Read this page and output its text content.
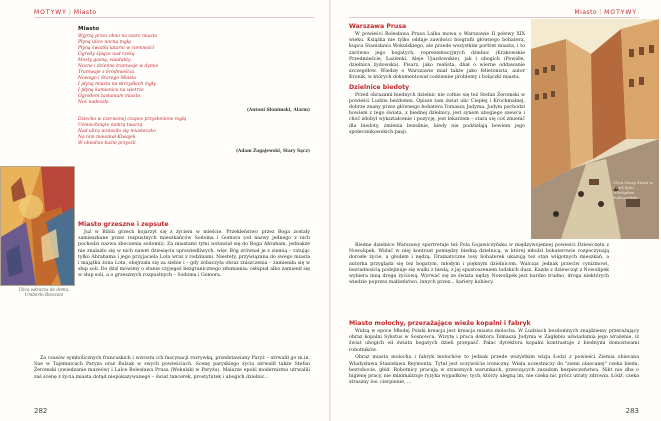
MOTYWY | Miasto
Miasto
Wyjrzę przez okno na szare miasto
Płyną ulice nocną mgłą
Płyną światła latarni w ciemności
Ogrody śpiące nad rzeką
Mosty gasną, wiadukty
Nocne i dzienne tramwaje w dymie
Tramwaje z Śródmieścia,
Nowego i Starego Miasta
I płyną miasta na skrzydłach mgły
I płyną kamienice na wietrze
Ogrodem zasłaniam miasto.
Noc nadeszła
(Antoni Słonimski, Alarm)
Dziecko w czerwonej czapce przysłonione mgłą
Uśmiechnięte mokrą twarzą
Nad ulicą wznosiło się miasteczko
Na nim mieszkał Kiwajek
W obiedzie baśni przyszli
(Adam Zagajewski, Stary Sącz)
Ulica wkracza do domu, Umberto Boccioni
Miasto grzeszne i zepsute

Już w Biblii grzech kojarzył się z życiem w mieście. Przekleństwo przez Boga zostały zamieszkane przez rozpustnych mieszkańców Sodoma i Gomora (od nazwy jednego z nich pochodzi nazwa zboczenia sodomii). Za miastami tymi wstawiał się do Boga Abraham, jednakże nie znalazło się w nich nawet dziesięciu sprawiedliwych, więc Bóg zrównał je z ziemią – ratując tylko Abrahama i jego przyjaciela Lota wraz z rodzinami. Niestety, przywiązana do swego miasta i majątku żona Lota, obejrzała się za siebie i – gdy zobaczyła obraz zniszczenia – zamieniła się w słup soli. Do dziś mówimy o stanie czyjegoś bezgranicznego zdumienia: osłupiał albo zamienił się w słup soli, a o grzesznych rozpustnych – Sodoma i Gomora.

Za czasów symbolicznych francuskich i wzrostu ich fascynacji rozrywką, przedstawiany Paryż – utrwalił go m.in. Sue w Tajemnicach Paryża oraz Balzak w swych powieściach. Scenę paryskiego życia utrwalił także Stefan Żeromski (zwiedzanie muzeów) i Lalce Bolesława Prusa (Wokulski w Paryżu). Malarze epoki modernizmu utrwalili zaś scenę z życia miasta dotąd niepokazywanego – świat tancerek, prostytutek i ubogich dzielnic...

282
Miasto | MOTYWY
Warszawa Prusa

W powieści Bolesława Prusa Lalka mowa o Warszawie II połowy XIX wieku. Książka nie tylko oddaje zawiłości biografii głównego bohatera, kupca Stanisława Wokulskiego, ale przede wszystkim portret miasta, i to zarówno jego bogatych, reprezentacyjnych dzielnic (Krakowskie Przedmieście, Łazienki, Aleje Ujazdowskie), jak i ubogich (Powiśle, dzielnica żydowska). Pisarz, jako realista, dbał o wierne oddawanie szczegółów. Wiedzę o Warszawie miał także jako felietonista, autor Kronik, w których dokumentował codzienne problemy i bolączki miasta.

Dzielnice biedoty

Przed obrazami biednych dzielnic nie cofnie się też Stefan Żeromski w powieści Ludzie bezdomni. Opisze tam świat ulic Ciepłej i Krochmalnej, dobrze znany przez głównego bohatera Tomasza Judyma. Judym pochodzi bowiem z tego świata, z biednej dzielnicy, jest synem ubogiego szewca i choć zdobył wykształcenie i pozycję, jest lekarzem – stara się coś zmienić dla biedoty, zmienia bezsilnie, kiedy nie podzielają bowiem jego społecznikowskich pasji.

Biedne dzielnice Warszawy sportretuje też Pola Gojawiczyńska w międzywojennej powieści Dziewczęta z Nowolipek. Widać w niej kontrast pomiędzy biedną dzielnicą, w której młodzi bohaterowie rozpoczynają dorosłe życie, a głodem i nędzą. Dramatyczne losy bohaterek ukazują też stan wilgotnych mieszkań, a autorka przygląda się też bogatym, młodym i pięknym dzielnicom. Walcząc jednak przeciw cynizmowi, bezradnością podejmuje się walki z biedą, z jej spustoszeniem ludzkich dusz. Każde z dziewcząt z Nowolipek wybiera inną drogę życiową. Wyrwać się ze świata nędzy Nowolipek jest bardzo trudno, droga niektórych wiedzie poprzez małżeństwo, innych przez... kariery kobiecy.

Miasto molochy, przerażające wieże kopalni i fabryk

Widzą w epoce Młodej Polski kreacja jest kreacja miasta molocha. W Ludziach bezdomnych znajdziemy przerażający obraz kopalni Sykstus w Sosnowcu. Wizytę i praca doktora Tomasza Judyma w Zagłębiu uświadamia jego wrażenie, iż świat ubogich od świata bogatych dzieli przepaść. Pałac dyrektora kopalni kontrastuje z biednymi domostwami robotników.

Obraz miasta molocha i fabryk molochów to jednak przede wszystkim wizja Łodzi z powieści Ziemia obiecana Władysława Stanisława Reymonta. Tytuł jest oczywiście ironiczny. Wielu uczestniczy do "ziemi obiecanej" czeka bieda, bezrobocie, głód. Robotnicy pracują w strasznych warunkach, przeczących zasadom bezpieczeństwa. Nikt nie dba o higienę pracy, nie minimalizuje ryzyka wypadków; tych, którzy ulegną im, nie czeka nic prócz utraty zdrowia. Łódź, czeka straszny los: cierpienie, ...

Ulica Nowy Świat w dzień letni, Władysław Podkowiński
283
